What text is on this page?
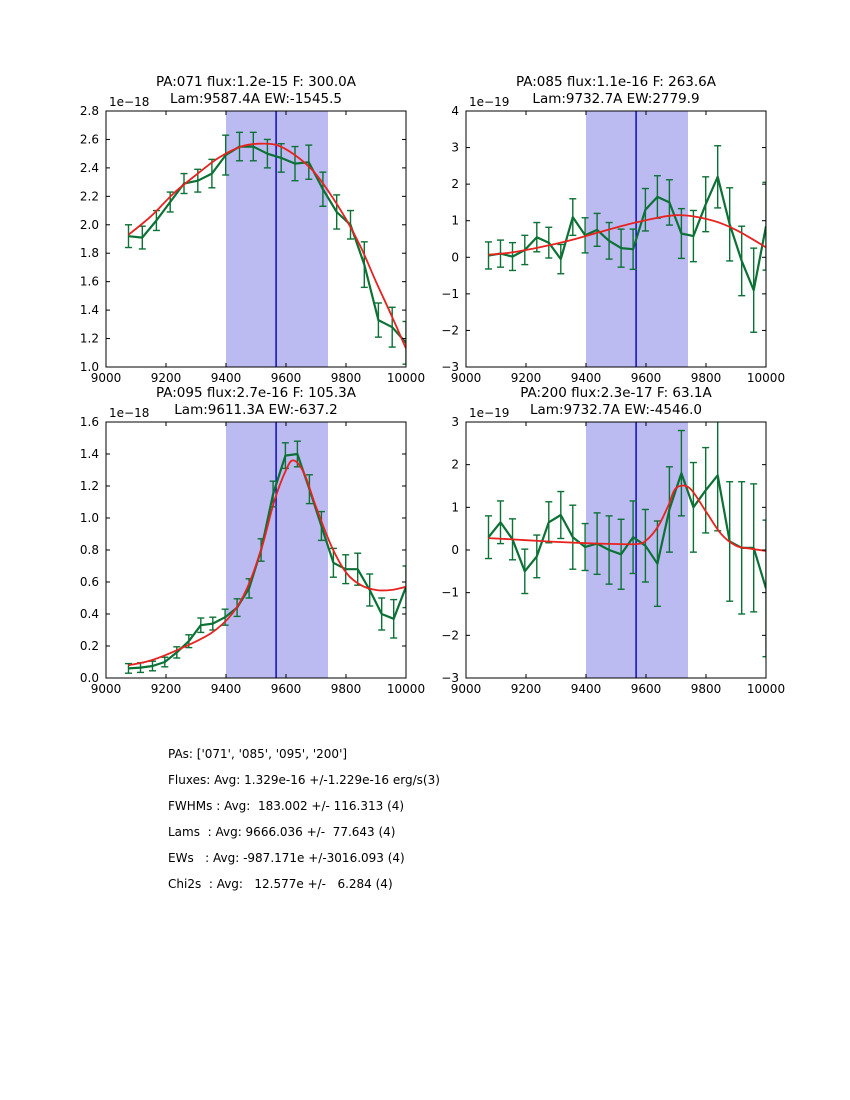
PA:071 flux:1.2e-15 F: 300.0A
Lam:9587.4A EW:-1545.5
1e−18
9000 9200 9400 9600 9800 10000
1.0
1.2
1.4
1.6
1.8
2.0
2.2
2.4
2.6
2.8
PA:085 flux:1.1e-16 F: 263.6A
Lam:9732.7A EW:2779.9
1e−19
9000 9200 9400 9600 9800 10000
−3
−2
−1
0
1
2
3
4
PA:095 flux:2.7e-16 F: 105.3A
Lam:9611.3A EW:-637.2
1e−18
9000 9200 9400 9600 9800 10000
0.0
0.2
0.4
0.6
0.8
1.0
1.2
1.4
1.6
PA:200 flux:2.3e-17 F: 63.1A
Lam:9732.7A EW:-4546.0
1e−19
9000 9200 9400 9600 9800 10000
−3
−2
−1
0
1
2
3
PAs: ['071', '085', '095', '200']
Fluxes: Avg: 1.329e-16 +/-1.229e-16 erg/s(3)
FWHMs : Avg:  183.002 +/- 116.313 (4)
Lams  : Avg: 9666.036 +/-  77.643 (4)
EWs   : Avg: -987.171e +/-3016.093 (4)
Chi2s  : Avg:   12.577e +/-   6.284 (4)
